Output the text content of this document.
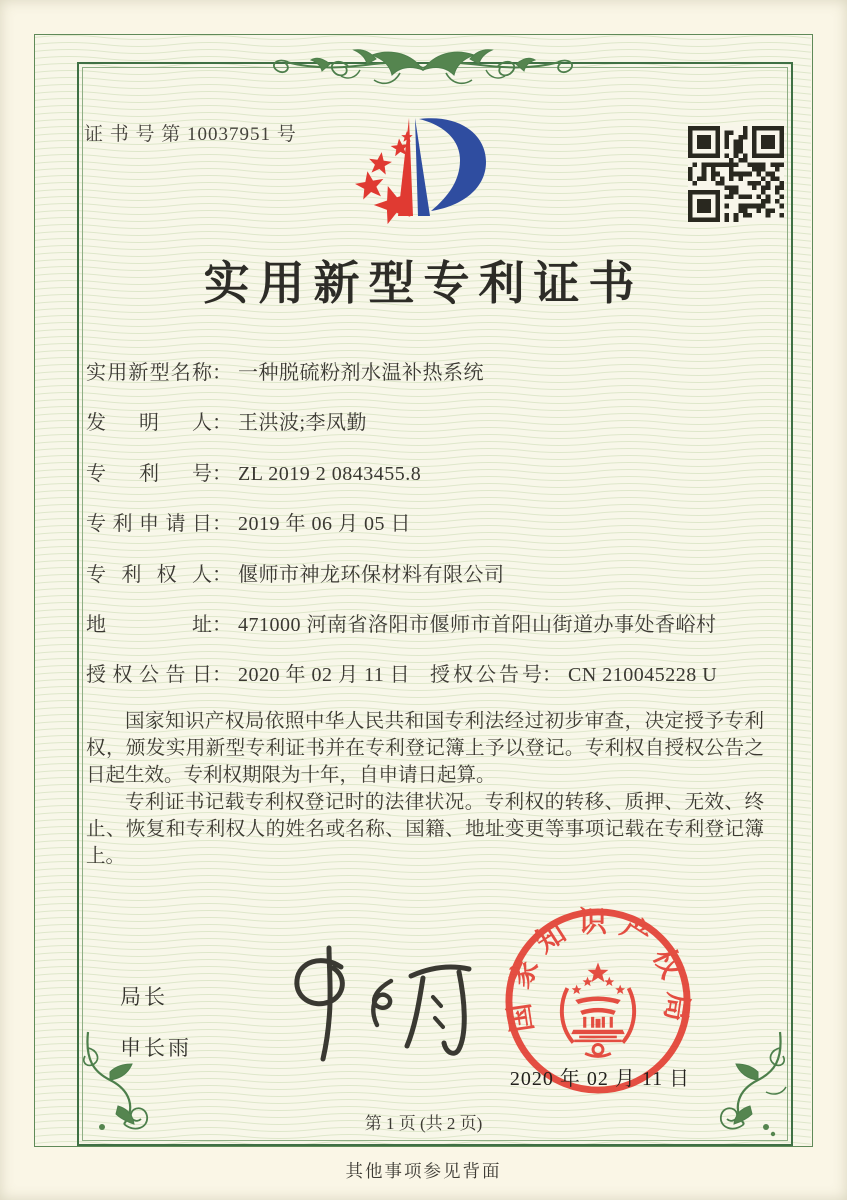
证 书 号 第 10037951 号
实用新型专利证书
实用新型名称： 一种脱硫粉剂水温补热系统
发明人： 王洪波;李凤勤
专利号： ZL 2019 2 0843455.8
专利申请日： 2019 年 06 月 05 日
专利权人： 偃师市神龙环保材料有限公司
地址： 471000 河南省洛阳市偃师市首阳山街道办事处香峪村
授权公告日： 2020 年 02 月 11 日 授权公告号： CN 210045228 U

国家知识产权局依照中华人民共和国专利法经过初步审查，决定授予专利权，颁发实用新型专利证书并在专利登记簿上予以登记。专利权自授权公告之日起生效。专利权期限为十年，自申请日起算。

专利证书记载专利权登记时的法律状况。专利权的转移、质押、无效、终止、恢复和专利权人的姓名或名称、国籍、地址变更等事项记载在专利登记簿上。

局长
申长雨
国家知识产权局
2020 年 02 月 11 日
第 1 页 (共 2 页)
其他事项参见背面
